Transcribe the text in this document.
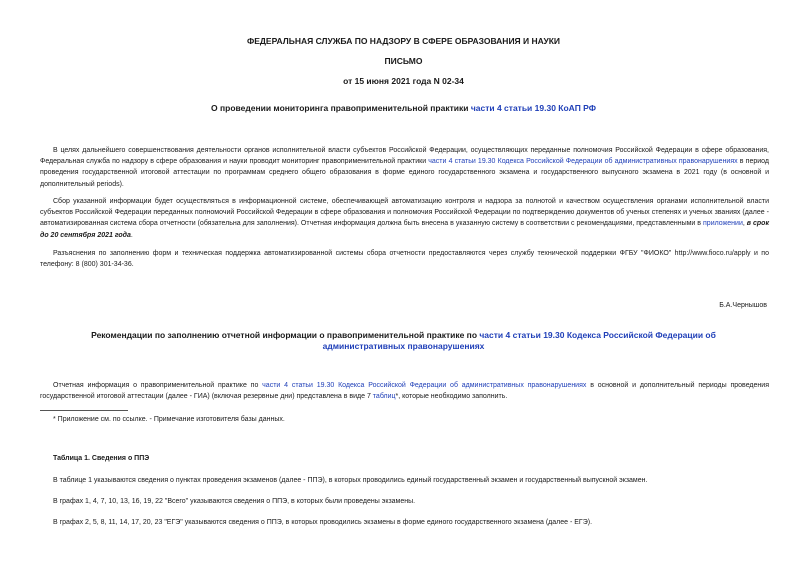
ФЕДЕРАЛЬНАЯ СЛУЖБА ПО НАДЗОРУ В СФЕРЕ ОБРАЗОВАНИЯ И НАУКИ
ПИСЬМО
от 15 июня 2021 года N 02-34
О проведении мониторинга правоприменительной практики части 4 статьи 19.30 КоАП РФ

В целях дальнейшего совершенствования деятельности органов исполнительной власти субъектов Российской Федерации, осуществляющих переданные полномочия Российской Федерации в сфере образования, Федеральная служба по надзору в сфере образования и науки проводит мониторинг правоприменительной практики части 4 статьи 19.30 Кодекса Российской Федерации об административных правонарушениях в период проведения государственной итоговой аттестации по программам среднего общего образования в форме единого государственного экзамена и государственного выпускного экзамена в 2021 году (в основной и дополнительный periods).

Сбор указанной информации будет осуществляться в информационной системе, обеспечивающей автоматизацию контроля и надзора за полнотой и качеством осуществления органами исполнительной власти субъектов Российской Федерации переданных полномочий Российской Федерации в сфере образования и полномочия Российской Федерации по подтверждению документов об ученых степенях и ученых званиях (далее - автоматизированная система сбора отчетности (обязательна для заполнения). Отчетная информация должна быть внесена в указанную систему в соответствии с рекомендациями, представленными в приложении, в срок до 20 сентября 2021 года.

Разъяснения по заполнению форм и техническая поддержка автоматизированной системы сбора отчетности предоставляются через службу технической поддержки ФГБУ "ФИОКО" http://www.fioco.ru/apply и по телефону: 8 (800) 301-34-36.

Б.А.Чернышов
Рекомендации по заполнению отчетной информации о правоприменительной практике по части 4 статьи 19.30 Кодекса Российской Федерации об административных правонарушениях

Отчетная информация о правоприменительной практике по части 4 статьи 19.30 Кодекса Российской Федерации об административных правонарушениях в основной и дополнительный периоды проведения государственной итоговой аттестации (далее - ГИА) (включая резервные дни) представлена в виде 7 таблиц*, которые необходимо заполнить.

* Приложение см. по ссылке. - Примечание изготовителя базы данных.
Таблица 1. Сведения о ППЭ
В таблице 1 указываются сведения о пунктах проведения экзаменов (далее - ППЭ), в которых проводились единый государственный экзамен и государственный выпускной экзамен.
В графах 1, 4, 7, 10, 13, 16, 19, 22 "Всего" указываются сведения о ППЭ, в которых были проведены экзамены.
В графах 2, 5, 8, 11, 14, 17, 20, 23 "ЕГЭ" указываются сведения о ППЭ, в которых проводились экзамены в форме единого государственного экзамена (далее - ЕГЭ).
